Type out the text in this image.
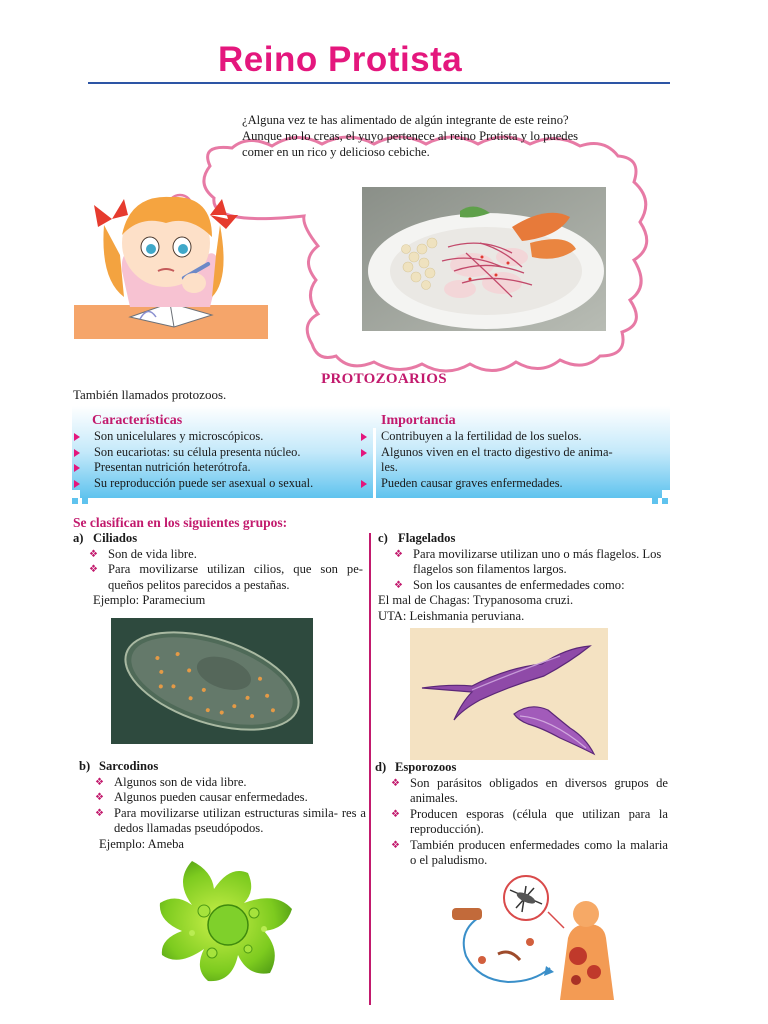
Reino Protista
¿Alguna vez te has alimentado de algún integrante de este reino?
Aunque no lo creas, el yuyo pertenece al reino Protista y lo puedes
comer en un rico y delicioso cebiche.
PROTOZOARIOS
También llamados protozoos.
Características
Son unicelulares y microscópicos.
Son eucariotas: su célula presenta núcleo.
Presentan nutrición heterótrofa.
Su reproducción puede ser asexual o sexual.
Importancia
Contribuyen a la fertilidad de los suelos.
Algunos viven en el tracto digestivo de anima-
les.
Pueden causar graves enfermedades.
Se clasifican en los siguientes grupos:
a) Ciliados
❖ Son de vida libre.
❖ Para movilizarse utilizan cilios, que son pe- queños pelitos parecidos a pestañas.
Ejemplo: Paramecium
b) Sarcodinos
❖ Algunos son de vida libre.
❖ Algunos pueden causar enfermedades.
❖ Para movilizarse utilizan estructuras simila- res a dedos llamadas pseudópodos.
Ejemplo: Ameba
c) Flagelados
❖ Para movilizarse utilizan uno o más flagelos. Los flagelos son filamentos largos.
❖ Son los causantes de enfermedades como:
El mal de Chagas: Trypanosoma cruzi.
UTA: Leishmania peruviana.
d) Esporozoos
❖ Son parásitos obligados en diversos grupos de animales.
❖ Producen esporas (célula que utilizan para la reproducción).
❖ También producen enfermedades como la malaria o el paludismo.
